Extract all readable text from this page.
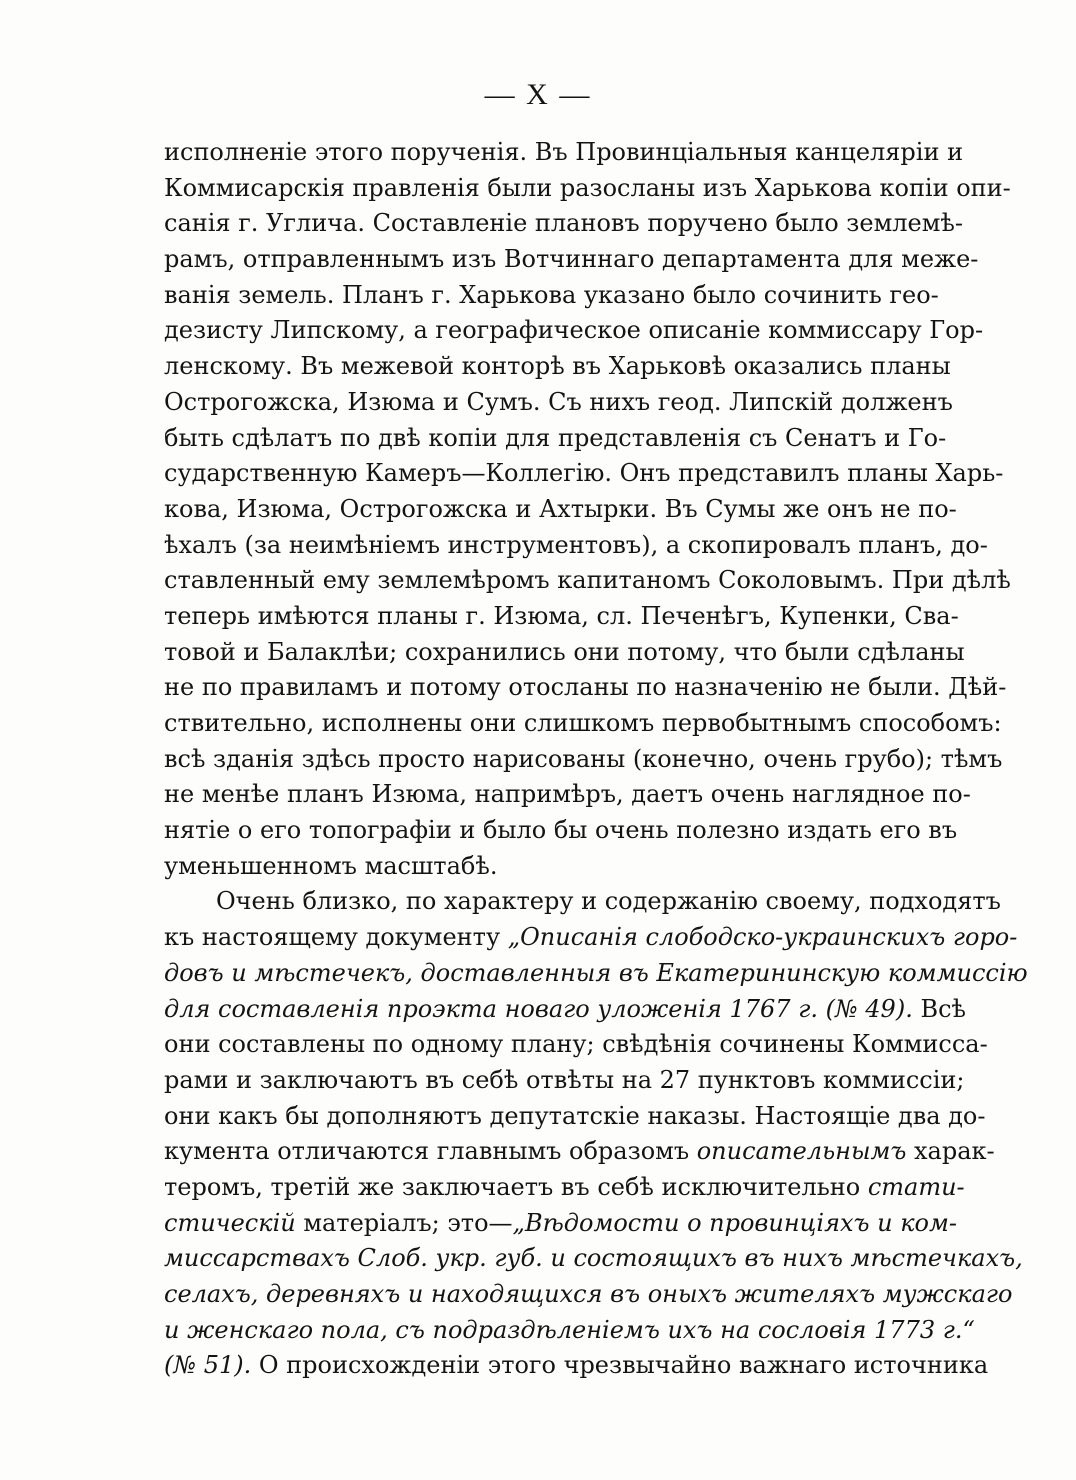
— X —
исполненіе этого порученія. Въ Провинціальныя канцеляріи и
Коммисарскія правленія были разосланы изъ Харькова копіи опи-
санія г. Углича. Составленіе плановъ поручено было землемѣ-
рамъ, отправленнымъ изъ Вотчиннаго департамента для меже-
ванія земель. Планъ г. Харькова указано было сочинить гео-
дезисту Липскому, а географическое описаніе коммиссару Гор-
ленскому. Въ межевой конторѣ въ Харьковѣ оказались планы
Острогожска, Изюма и Сумъ. Съ нихъ геод. Липскій долженъ
быть сдѣлатъ по двѣ копіи для представленія съ Сенатъ и Го-
сударственную Камеръ—Коллегію. Онъ представилъ планы Харь-
кова, Изюма, Острогожска и Ахтырки. Въ Сумы же онъ не по-
ѣхалъ (за неимѣніемъ инструментовъ), а скопировалъ планъ, до-
ставленный ему землемѣромъ капитаномъ Соколовымъ. При дѣлѣ
теперь имѣются планы г. Изюма, сл. Печенѣгъ, Купенки, Сва-
товой и Балаклѣи; сохранились они потому, что были сдѣланы
не по правиламъ и потому отосланы по назначенію не были. Дѣй-
ствительно, исполнены они слишкомъ первобытнымъ способомъ:
всѣ зданія здѣсь просто нарисованы (конечно, очень грубо); тѣмъ
не менѣе планъ Изюма, напримѣръ, даетъ очень наглядное по-
нятіе о его топографіи и было бы очень полезно издать его въ
уменьшенномъ масштабѣ.
Очень близко, по характеру и содержанію своему, подходятъ
къ настоящему документу „Описанія слободско-украинскихъ горо-
довъ и мѣстечекъ, доставленныя въ Екатерининскую коммиссію
для составленія проэкта новаго уложенія 1767 г. (№ 49). Всѣ
они составлены по одному плану; свѣдѣнія сочинены Коммиссa-
рами и заключаютъ въ себѣ отвѣты на 27 пунктовъ коммиссіи;
они какъ бы дополняютъ депутатскіе наказы. Настоящіе два до-
кумента отличаются главнымъ образомъ описательнымъ харак-
теромъ, третій же заключаетъ въ себѣ исключительно стати-
стическій матеріалъ; это—„Вѣдомости о провинціяхъ и ком-
миссарствахъ Слоб. укр. губ. и состоящихъ въ нихъ мѣстечкахъ,
селахъ, деревняхъ и находящихся въ оныхъ жителяхъ мужскаго
и женскаго пола, съ подраздѣленіемъ ихъ на сословія 1773 г.“
(№ 51). О происхожденіи этого чрезвычайно важнаго источника
